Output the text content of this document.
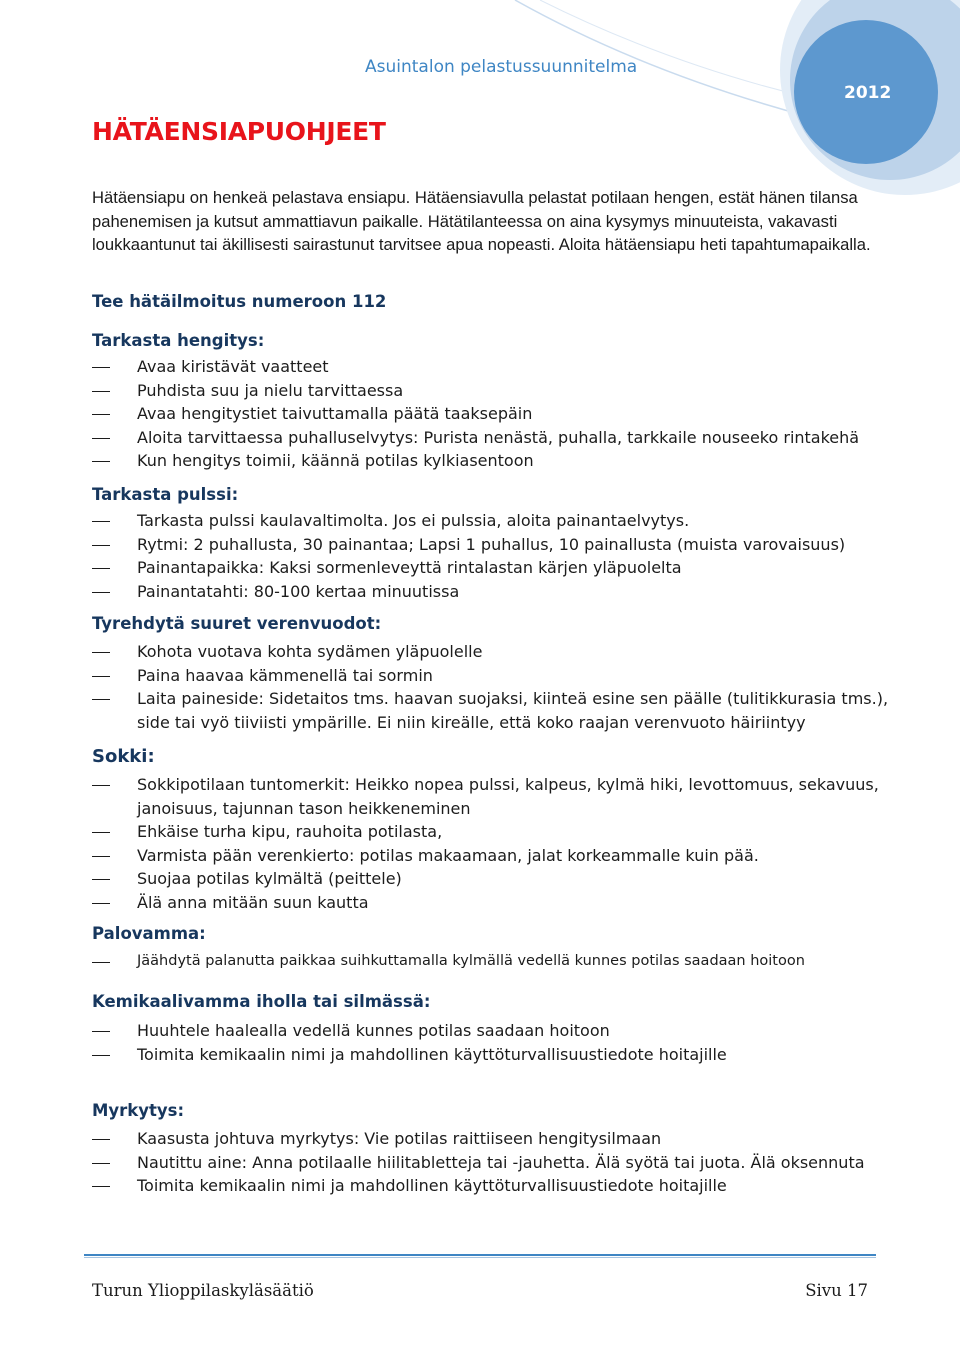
Asuintalon pelastussuunnitelma
2012
HÄTÄENSIAPUOHJEET

Hätäensiapu on henkeä pelastava ensiapu. Hätäensiavulla pelastat potilaan hengen, estät hänen tilansa pahenemisen ja kutsut ammattiavun paikalle. Hätätilanteessa on aina kysymys minuuteista, vakavasti loukkaantunut tai äkillisesti sairastunut tarvitsee apua nopeasti. Aloita hätäensiapu heti tapahtumapaikalla.

Tee hätäilmoitus numeroon 112
Tarkasta hengitys:
Avaa kiristävät vaatteet
Puhdista suu ja nielu tarvittaessa
Avaa hengitystiet taivuttamalla päätä taaksepäin
Aloita tarvittaessa puhalluselvytys: Purista nenästä, puhalla, tarkkaile nouseeko rintakehä
Kun hengitys toimii, käännä potilas kylkiasentoon
Tarkasta pulssi:
Tarkasta pulssi kaulavaltimolta. Jos ei pulssia, aloita painantaelvytys.
Rytmi: 2 puhallusta, 30 painantaa; Lapsi 1 puhallus, 10 painallusta (muista varovaisuus)
Painantapaikka: Kaksi sormenleveyttä rintalastan kärjen yläpuolelta
Painantatahti: 80-100 kertaa minuutissa
Tyrehdytä suuret verenvuodot:
Kohota vuotava kohta sydämen yläpuolelle
Paina haavaa kämmenellä tai sormin
Laita paineside: Sidetaitos tms. haavan suojaksi, kiinteä esine sen päälle (tulitikkurasia tms.), side tai vyö tiiviisti ympärille. Ei niin kireälle, että koko raajan verenvuoto häiriintyy
Sokki:
Sokkipotilaan tuntomerkit: Heikko nopea pulssi, kalpeus, kylmä hiki, levottomuus, sekavuus, janoisuus, tajunnan tason heikkeneminen
Ehkäise turha kipu, rauhoita potilasta,
Varmista pään verenkierto: potilas makaamaan, jalat korkeammalle kuin pää.
Suojaa potilas kylmältä (peittele)
Älä anna mitään suun kautta
Palovamma:
Jäähdytä palanutta paikkaa suihkuttamalla kylmällä vedellä kunnes potilas saadaan hoitoon
Kemikaalivamma iholla tai silmässä:
Huuhtele haalealla vedellä kunnes potilas saadaan hoitoon
Toimita kemikaalin nimi ja mahdollinen käyttöturvallisuustiedote hoitajille
Myrkytys:
Kaasusta johtuva myrkytys: Vie potilas raittiiseen hengitysilmaan
Nautittu aine: Anna potilaalle hiilitabletteja tai -jauhetta. Älä syötä tai juota. Älä oksennuta
Toimita kemikaalin nimi ja mahdollinen käyttöturvallisuustiedote hoitajille
Turun Ylioppilaskyläsäätiö	Sivu 17
